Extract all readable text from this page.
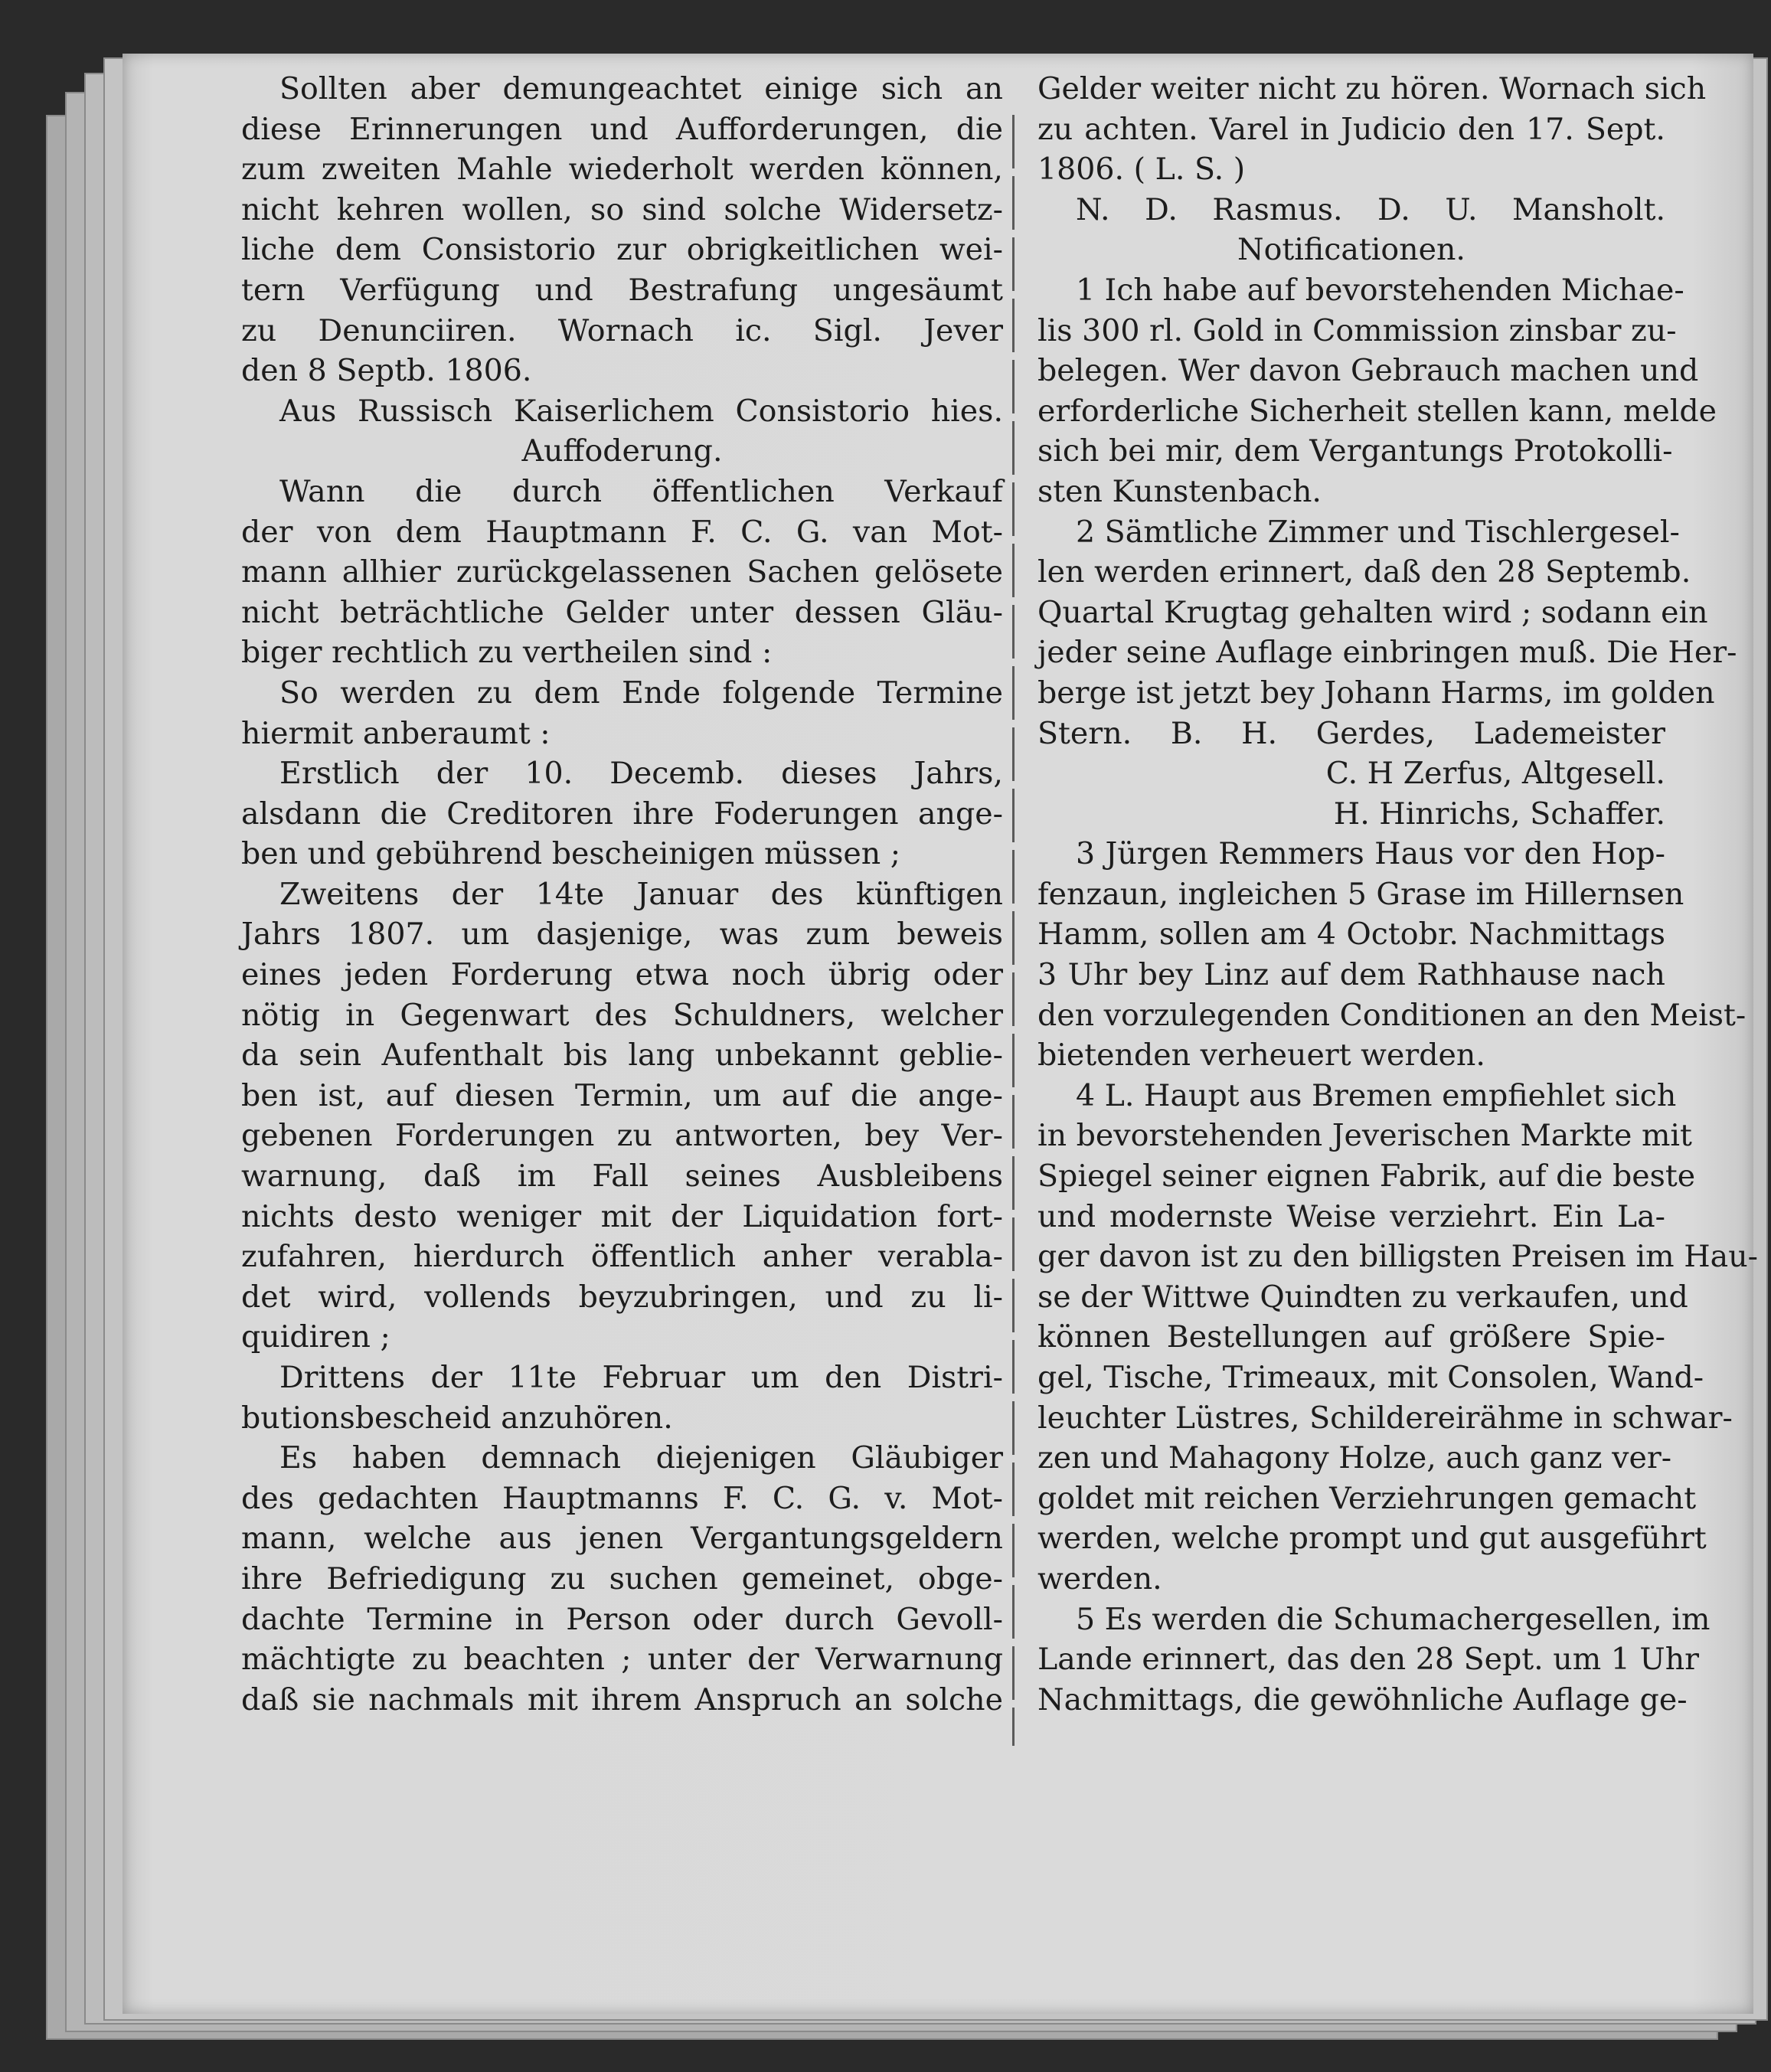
Sollten aber demungeachtet einige sich an

diese Erinnerungen und Aufforderungen, die

zum zweiten Mahle wiederholt werden können,

nicht kehren wollen, so sind solche Widersetz-

liche dem Consistorio zur obrigkeitlichen wei-

tern Verfügung und Bestrafung ungesäumt

zu Denunciiren. Wornach ic. Sigl. Jever

den 8 Septb. 1806.

Aus Russisch Kaiserlichem Consistorio hies.

Auffoderung.

Wann die durch öffentlichen Verkauf

der von dem Hauptmann F. C. G. van Mot-

mann allhier zurückgelassenen Sachen gelösete

nicht beträchtliche Gelder unter dessen Gläu-

biger rechtlich zu vertheilen sind :

So werden zu dem Ende folgende Termine

hiermit anberaumt :

Erstlich der 10. Decemb. dieses Jahrs,

alsdann die Creditoren ihre Foderungen ange-

ben und gebührend bescheinigen müssen ;

Zweitens der 14te Januar des künftigen

Jahrs 1807. um dasjenige, was zum beweis

eines jeden Forderung etwa noch übrig oder

nötig in Gegenwart des Schuldners, welcher

da sein Aufenthalt bis lang unbekannt geblie-

ben ist, auf diesen Termin, um auf die ange-

gebenen Forderungen zu antworten, bey Ver-

warnung, daß im Fall seines Ausbleibens

nichts desto weniger mit der Liquidation fort-

zufahren, hierdurch öffentlich anher verabla-

det wird, vollends beyzubringen, und zu li-

quidiren ;

Drittens der 11te Februar um den Distri-

butionsbescheid anzuhören.

Es haben demnach diejenigen Gläubiger

des gedachten Hauptmanns F. C. G. v. Mot-

mann, welche aus jenen Vergantungsgeldern

ihre Befriedigung zu suchen gemeinet, obge-

dachte Termine in Person oder durch Gevoll-

mächtigte zu beachten ; unter der Verwarnung

daß sie nachmals mit ihrem Anspruch an solche

Gelder weiter nicht zu hören. Wornach sich

zu achten. Varel in Judicio den 17. Sept.

1806. ( L. S. )

N. D. Rasmus. D. U. Mansholt.

Notificationen.

1 Ich habe auf bevorstehenden Michae-

lis 300 rl. Gold in Commission zinsbar zu-

belegen. Wer davon Gebrauch machen und

erforderliche Sicherheit stellen kann, melde

sich bei mir, dem Vergantungs Protokolli-

sten Kunstenbach.

2 Sämtliche Zimmer und Tischlergesel-

len werden erinnert, daß den 28 Septemb.

Quartal Krugtag gehalten wird ; sodann ein

jeder seine Auflage einbringen muß. Die Her-

berge ist jetzt bey Johann Harms, im golden

Stern. B. H. Gerdes, Lademeister

C. H Zerfus, Altgesell.

H. Hinrichs, Schaffer.

3 Jürgen Remmers Haus vor den Hop-

fenzaun, ingleichen 5 Grase im Hillernsen

Hamm, sollen am 4 Octobr. Nachmittags

3 Uhr bey Linz auf dem Rathhause nach

den vorzulegenden Conditionen an den Meist-

bietenden verheuert werden.

4 L. Haupt aus Bremen empfiehlet sich

in bevorstehenden Jeverischen Markte mit

Spiegel seiner eignen Fabrik, auf die beste

und modernste Weise verziehrt. Ein La-

ger davon ist zu den billigsten Preisen im Hau-

se der Wittwe Quindten zu verkaufen, und

können Bestellungen auf größere Spie-

gel, Tische, Trimeaux, mit Consolen, Wand-

leuchter Lüstres, Schildereirähme in schwar-

zen und Mahagony Holze, auch ganz ver-

goldet mit reichen Verziehrungen gemacht

werden, welche prompt und gut ausgeführt

werden.

5 Es werden die Schumachergesellen, im

Lande erinnert, das den 28 Sept. um 1 Uhr

Nachmittags, die gewöhnliche Auflage ge-
